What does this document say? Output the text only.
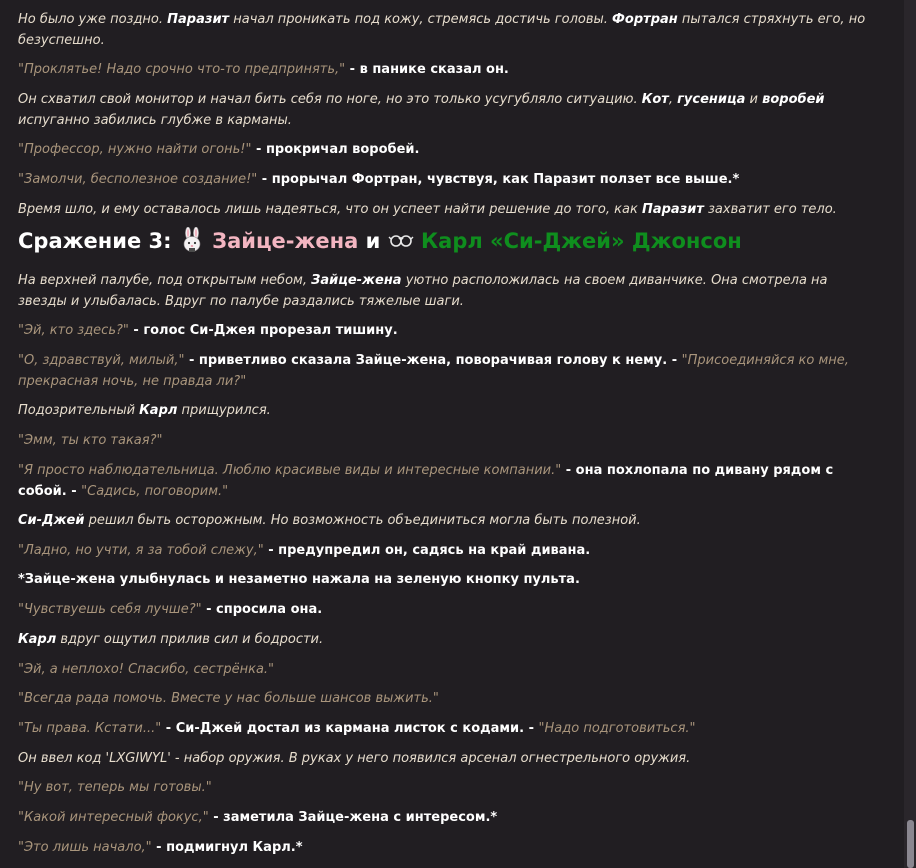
Но было уже поздно. Паразит начал проникать под кожу, стремясь достичь головы. Фортран пытался стряхнуть его, но безуспешно.

"Проклятье! Надо срочно что-то предпринять," - в панике сказал он.

Он схватил свой монитор и начал бить себя по ноге, но это только усугубляло ситуацию. Кот, гусеница и воробей испуганно забились глубже в карманы.

"Профессор, нужно найти огонь!" - прокричал воробей.

"Замолчи, бесполезное создание!" - прорычал Фортран, чувствуя, как Паразит ползет все выше.*

Время шло, и ему оставалось лишь надеяться, что он успеет найти решение до того, как Паразит захватит его тело.

Сражение 3:  Зайце-жена и  Карл «Си-Джей» Джонсон

На верхней палубе, под открытым небом, Зайце-жена уютно расположилась на своем диванчике. Она смотрела на звезды и улыбалась. Вдруг по палубе раздались тяжелые шаги.

"Эй, кто здесь?" - голос Си-Джея прорезал тишину.

"О, здравствуй, милый," - приветливо сказала Зайце-жена, поворачивая голову к нему. - "Присоединяйся ко мне, прекрасная ночь, не правда ли?"

Подозрительный Карл прищурился.

"Эмм, ты кто такая?"

"Я просто наблюдательница. Люблю красивые виды и интересные компании." - она похлопала по дивану рядом с собой. - "Садись, поговорим."

Си-Джей решил быть осторожным. Но возможность объединиться могла быть полезной.

"Ладно, но учти, я за тобой слежу," - предупредил он, садясь на край дивана.

*Зайце-жена улыбнулась и незаметно нажала на зеленую кнопку пульта.

"Чувствуешь себя лучше?" - спросила она.

Карл вдруг ощутил прилив сил и бодрости.

"Эй, а неплохо! Спасибо, сестрёнка."

"Всегда рада помочь. Вместе у нас больше шансов выжить."

"Ты права. Кстати..." - Си-Джей достал из кармана листок с кодами. - "Надо подготовиться."

Он ввел код 'LXGIWYL' - набор оружия. В руках у него появился арсенал огнестрельного оружия.

"Ну вот, теперь мы готовы."

"Какой интересный фокус," - заметила Зайце-жена с интересом.*

"Это лишь начало," - подмигнул Карл.*
